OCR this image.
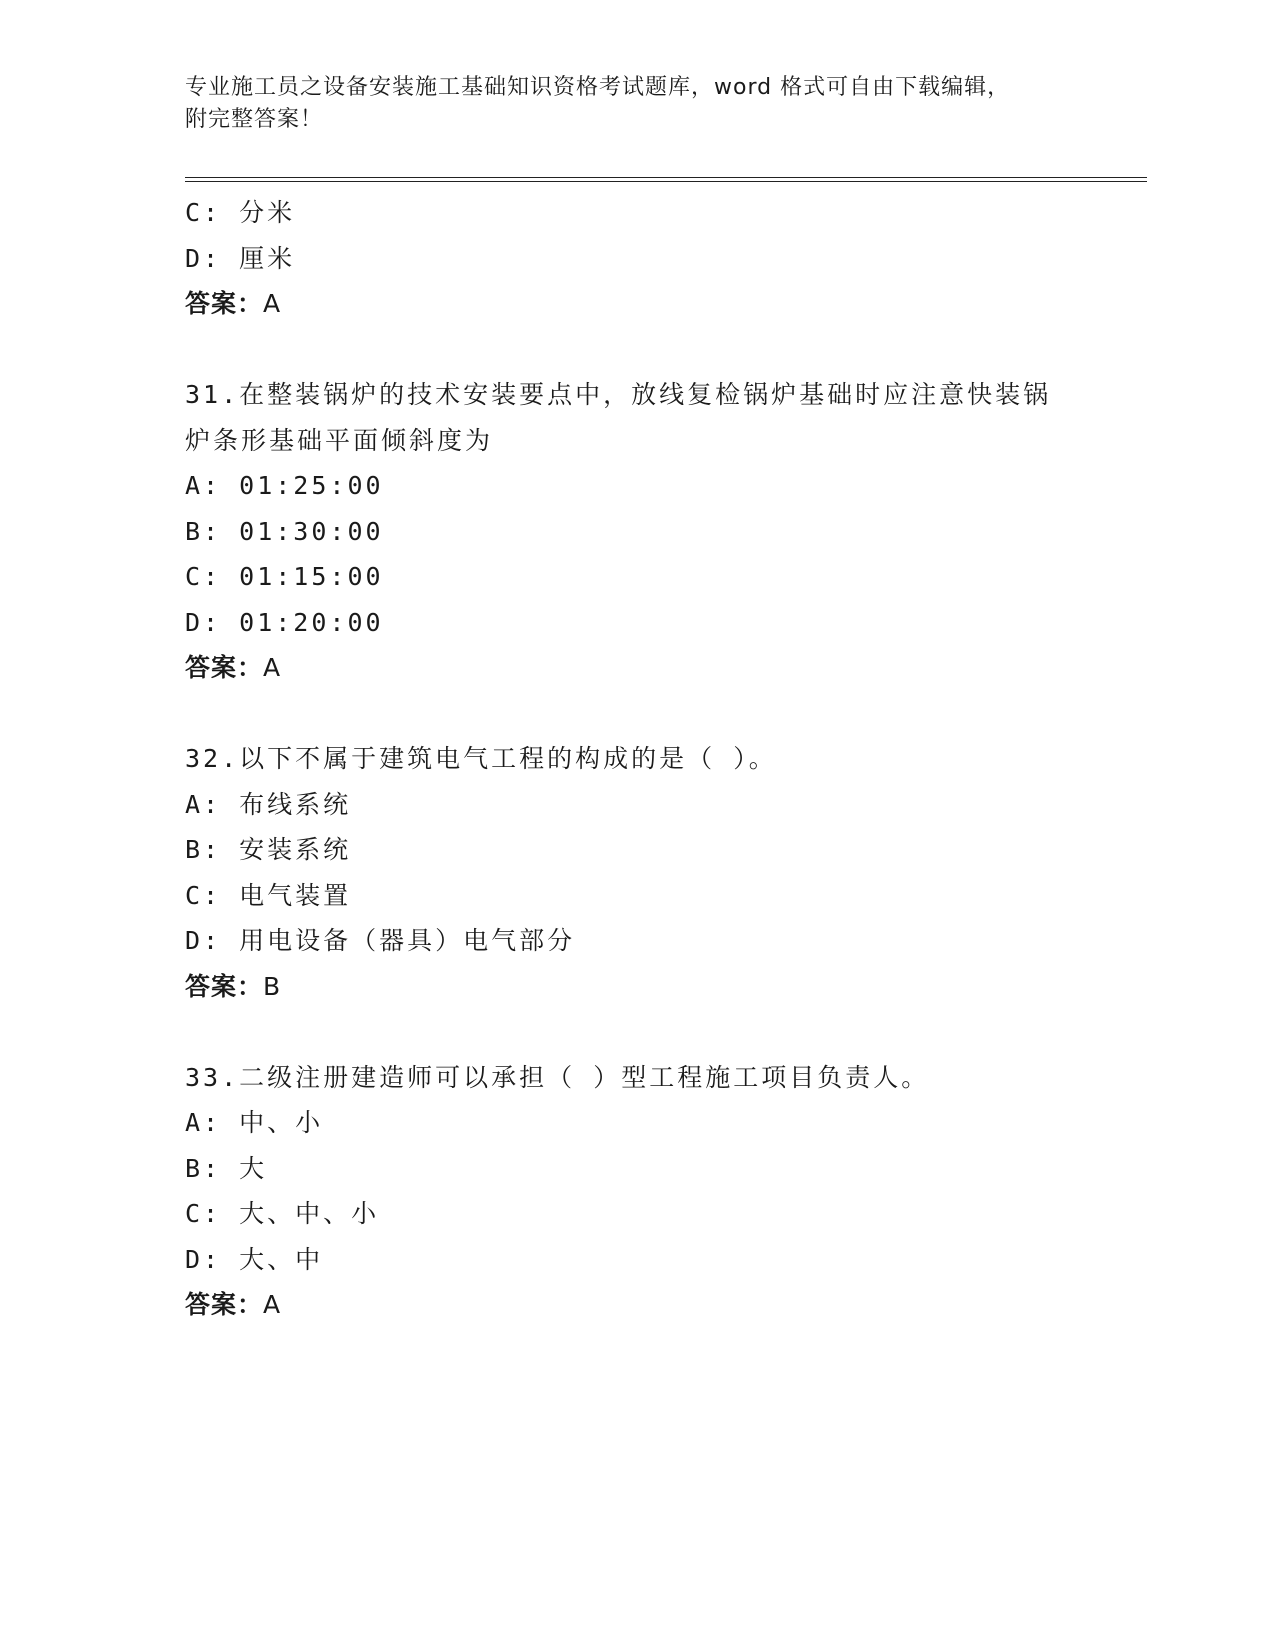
专业施工员之设备安装施工基础知识资格考试题库，word 格式可自由下载编辑，
附完整答案！
C: 分米
D: 厘米
答案：A
31.在整装锅炉的技术安装要点中，放线复检锅炉基础时应注意快装锅炉条形基础平面倾斜度为
A: 01:25:00
B: 01:30:00
C: 01:15:00
D: 01:20:00
答案：A
32.以下不属于建筑电气工程的构成的是（ ）。
A: 布线系统
B: 安装系统
C: 电气装置
D: 用电设备（器具）电气部分
答案：B
33.二级注册建造师可以承担（ ）型工程施工项目负责人。
A: 中、小
B: 大
C: 大、中、小
D: 大、中
答案：A
